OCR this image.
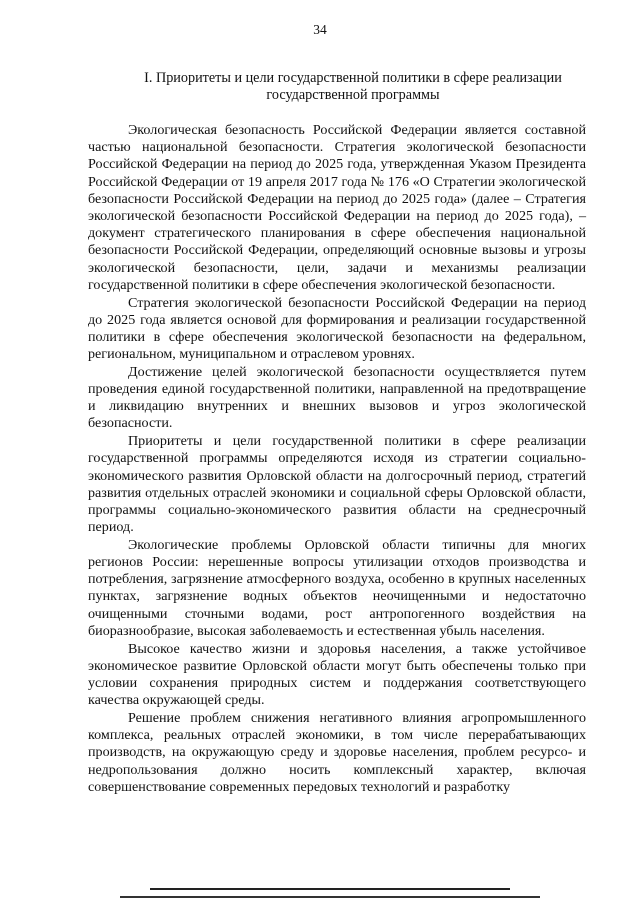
34
I. Приоритеты и цели государственной политики в сфере реализации
государственной программы

Экологическая безопасность Российской Федерации является составной частью национальной безопасности. Стратегия экологической безопасности Российской Федерации на период до 2025 года, утвержденная Указом Президента Российской Федерации от 19 апреля 2017 года № 176 «О Стратегии экологической безопасности Российской Федерации на период до 2025 года» (далее – Стратегия экологической безопасности Российской Федерации на период до 2025 года), – документ стратегического планирования в сфере обеспечения национальной безопасности Российской Федерации, определяющий основные вызовы и угрозы экологической безопасности, цели, задачи и механизмы реализации государственной политики в сфере обеспечения экологической безопасности.

Стратегия экологической безопасности Российской Федерации на период до 2025 года является основой для формирования и реализации государственной политики в сфере обеспечения экологической безопасности на федеральном, региональном, муниципальном и отраслевом уровнях.

Достижение целей экологической безопасности осуществляется путем проведения единой государственной политики, направленной на предотвращение и ликвидацию внутренних и внешних вызовов и угроз экологической безопасности.

Приоритеты и цели государственной политики в сфере реализации государственной программы определяются исходя из стратегии социально-экономического развития Орловской области на долгосрочный период, стратегий развития отдельных отраслей экономики и социальной сферы Орловской области, программы социально-экономического развития области на среднесрочный период.

Экологические проблемы Орловской области типичны для многих регионов России: нерешенные вопросы утилизации отходов производства и потребления, загрязнение атмосферного воздуха, особенно в крупных населенных пунктах, загрязнение водных объектов неочищенными и недостаточно очищенными сточными водами, рост антропогенного воздействия на биоразнообразие, высокая заболеваемость и естественная убыль населения.

Высокое качество жизни и здоровья населения, а также устойчивое экономическое развитие Орловской области могут быть обеспечены только при условии сохранения природных систем и поддержания соответствующего качества окружающей среды.

Решение проблем снижения негативного влияния агропромышленного комплекса, реальных отраслей экономики, в том числе перерабатывающих производств, на окружающую среду и здоровье населения, проблем ресурсо- и недропользования должно носить комплексный характер, включая совершенствование современных передовых технологий и разработку
